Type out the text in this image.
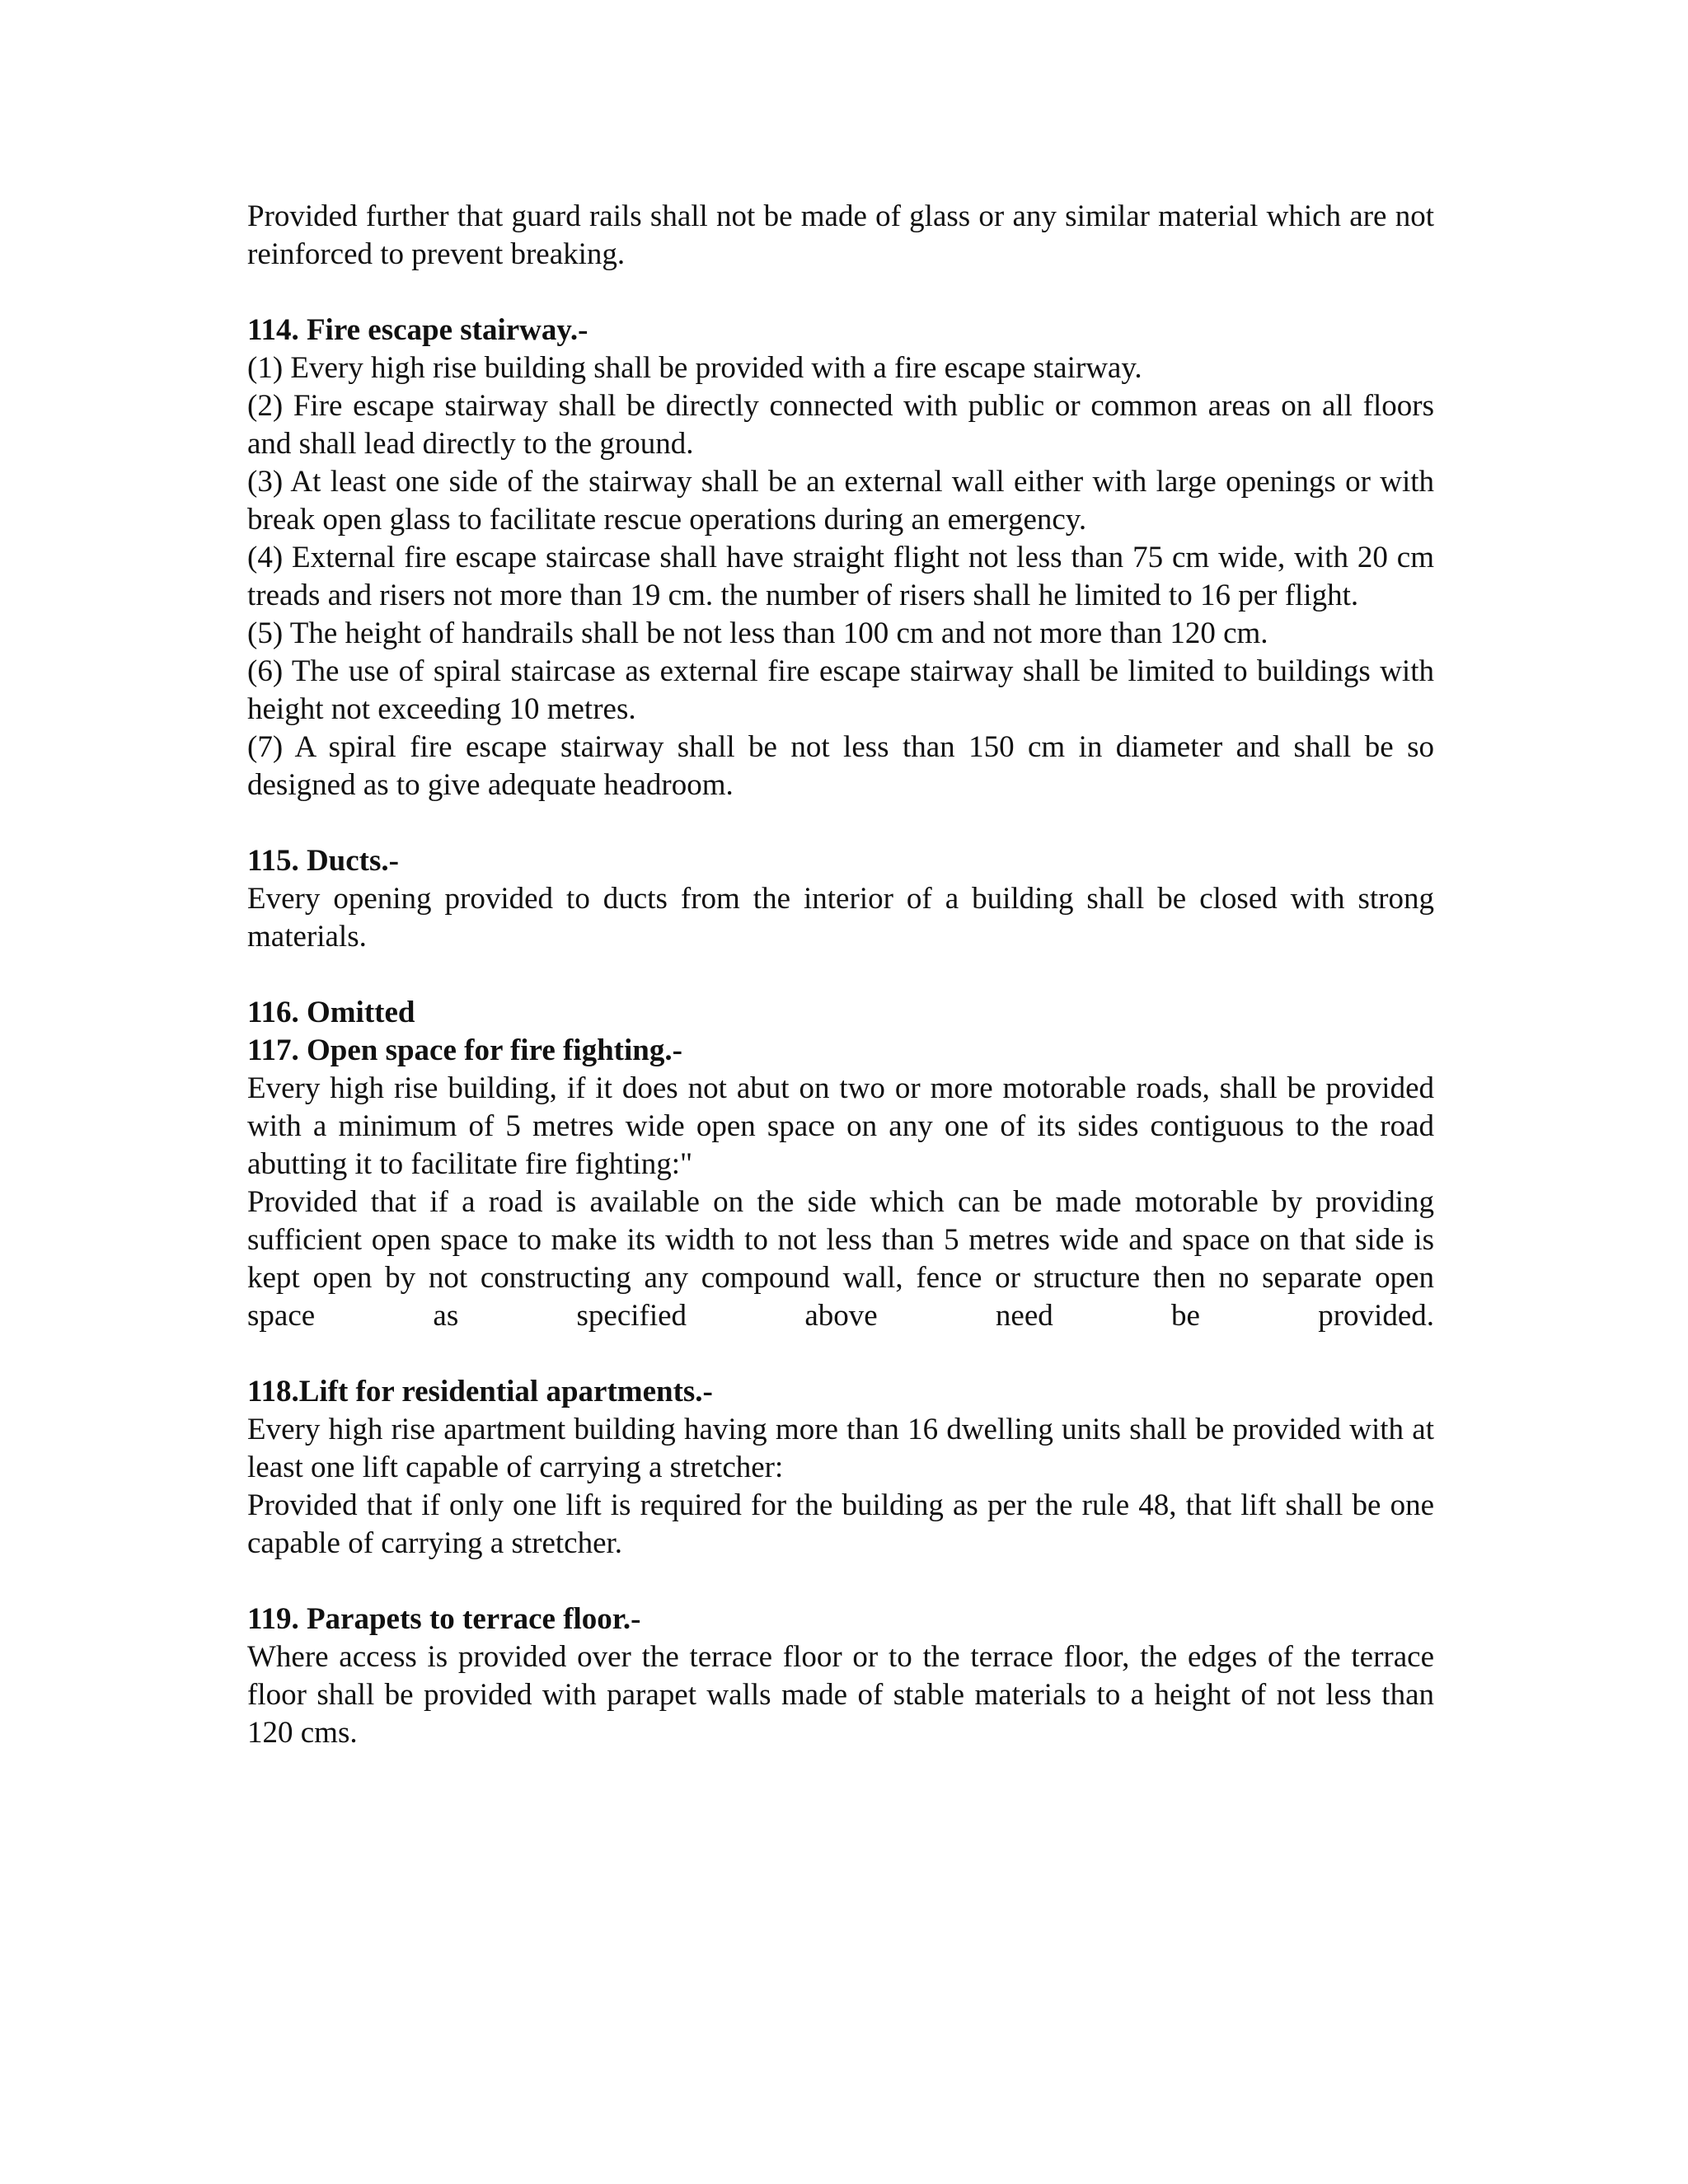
Provided further that guard rails shall not be made of glass or any similar material which are not reinforced to prevent breaking.

114. Fire escape stairway.-

(1) Every high rise building shall be provided with a fire escape stairway.

(2) Fire escape stairway shall be directly connected with public or common areas on all floors and shall lead directly to the ground.

(3) At least one side of the stairway shall be an external wall either with large openings or with break open glass to facilitate rescue operations during an emergency.

(4) External fire escape staircase shall have straight flight not less than 75 cm wide, with 20 cm treads and risers not more than 19 cm. the number of risers shall he limited to 16 per flight.

(5) The height of handrails shall be not less than 100 cm and not more than 120 cm.

(6) The use of spiral staircase as external fire escape stairway shall be limited to buildings with height not exceeding 10 metres.

(7) A spiral fire escape stairway shall be not less than 150 cm in diameter and shall be so designed as to give adequate headroom.

115. Ducts.-

Every opening provided to ducts from the interior of a building shall be closed with strong materials.

116. Omitted

117. Open space for fire fighting.-

Every high rise building, if it does not abut on two or more motorable roads, shall be provided with a minimum of 5 metres wide open space on any one of its sides contiguous to the road abutting it to facilitate fire fighting:"

Provided that if a road is available on the side which can be made motorable by providing sufficient open space to make its width to not less than 5 metres wide and space on that side is kept open by not constructing any compound wall, fence or structure then no separate open space as specified above need be provided.

118.Lift for residential apartments.-

Every high rise apartment building having more than 16 dwelling units shall be provided with at least one lift capable of carrying a stretcher:

Provided that if only one lift is required for the building as per the rule 48, that lift shall be one capable of carrying a stretcher.

119. Parapets to terrace floor.-

Where access is provided over the terrace floor or to the terrace floor, the edges of the terrace floor shall be provided with parapet walls made of stable materials to a height of not less than 120 cms.
